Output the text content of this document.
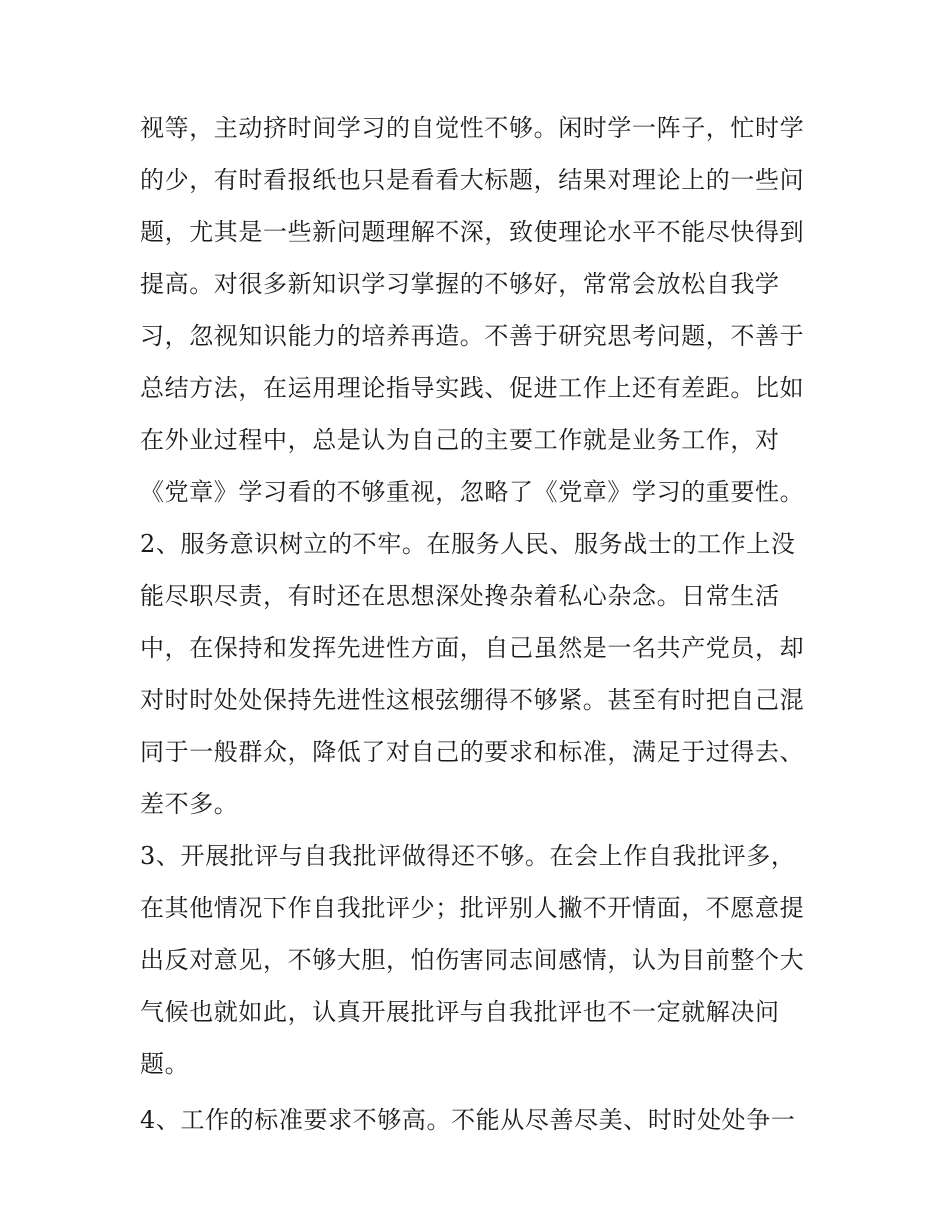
视等，主动挤时间学习的自觉性不够。闲时学一阵子，忙时学
的少，有时看报纸也只是看看大标题，结果对理论上的一些问
题，尤其是一些新问题理解不深，致使理论水平不能尽快得到
提高。对很多新知识学习掌握的不够好，常常会放松自我学
习，忽视知识能力的培养再造。不善于研究思考问题，不善于
总结方法，在运用理论指导实践、促进工作上还有差距。比如
在外业过程中，总是认为自己的主要工作就是业务工作，对
《党章》学习看的不够重视，忽略了《党章》学习的重要性。
2、服务意识树立的不牢。在服务人民、服务战士的工作上没
能尽职尽责，有时还在思想深处搀杂着私心杂念。日常生活
中，在保持和发挥先进性方面，自己虽然是一名共产党员，却
对时时处处保持先进性这根弦绷得不够紧。甚至有时把自己混
同于一般群众，降低了对自己的要求和标准，满足于过得去、
差不多。
3、开展批评与自我批评做得还不够。在会上作自我批评多，
在其他情况下作自我批评少；批评别人撇不开情面，不愿意提
出反对意见，不够大胆，怕伤害同志间感情，认为目前整个大
气候也就如此，认真开展批评与自我批评也不一定就解决问
题。
4、工作的标准要求不够高。不能从尽善尽美、时时处处争一
